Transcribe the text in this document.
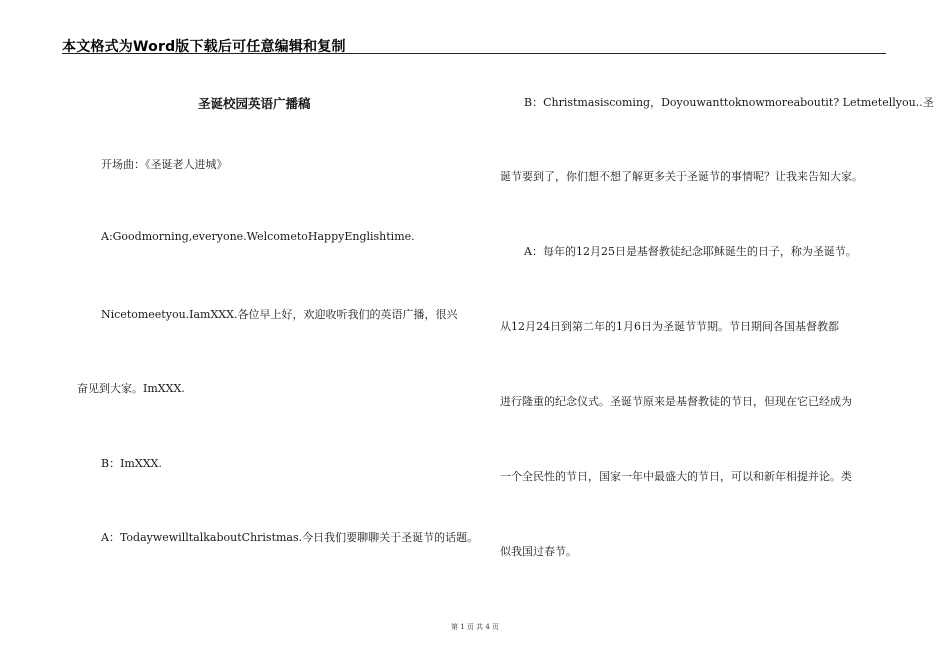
本文格式为Word版下载后可任意编辑和复制
圣诞校园英语广播稿
开场曲：《圣诞老人进城》
A:Goodmorning,everyone.WelcometoHappyEnglishtime.
Nicetomeetyou.IamXXX.各位早上好，欢迎收听我们的英语广播，很兴
奋见到大家。ImXXX.
B：ImXXX.
A：TodaywewilltalkaboutChristmas.今日我们要聊聊关于圣诞节的话题。
B：Christmasiscoming，Doyouwanttoknowmoreaboutit? Letmetellyou..圣
诞节要到了，你们想不想了解更多关于圣诞节的事情呢？让我来告知大家。
A：每年的12月25日是基督教徒纪念耶稣诞生的日子，称为圣诞节。
从12月24日到第二年的1月6日为圣诞节节期。节日期间各国基督教都
进行隆重的纪念仪式。圣诞节原来是基督教徒的节日，但现在它已经成为
一个全民性的节日，国家一年中最盛大的节日，可以和新年相提并论。类
似我国过春节。
第 1 页 共 4 页
